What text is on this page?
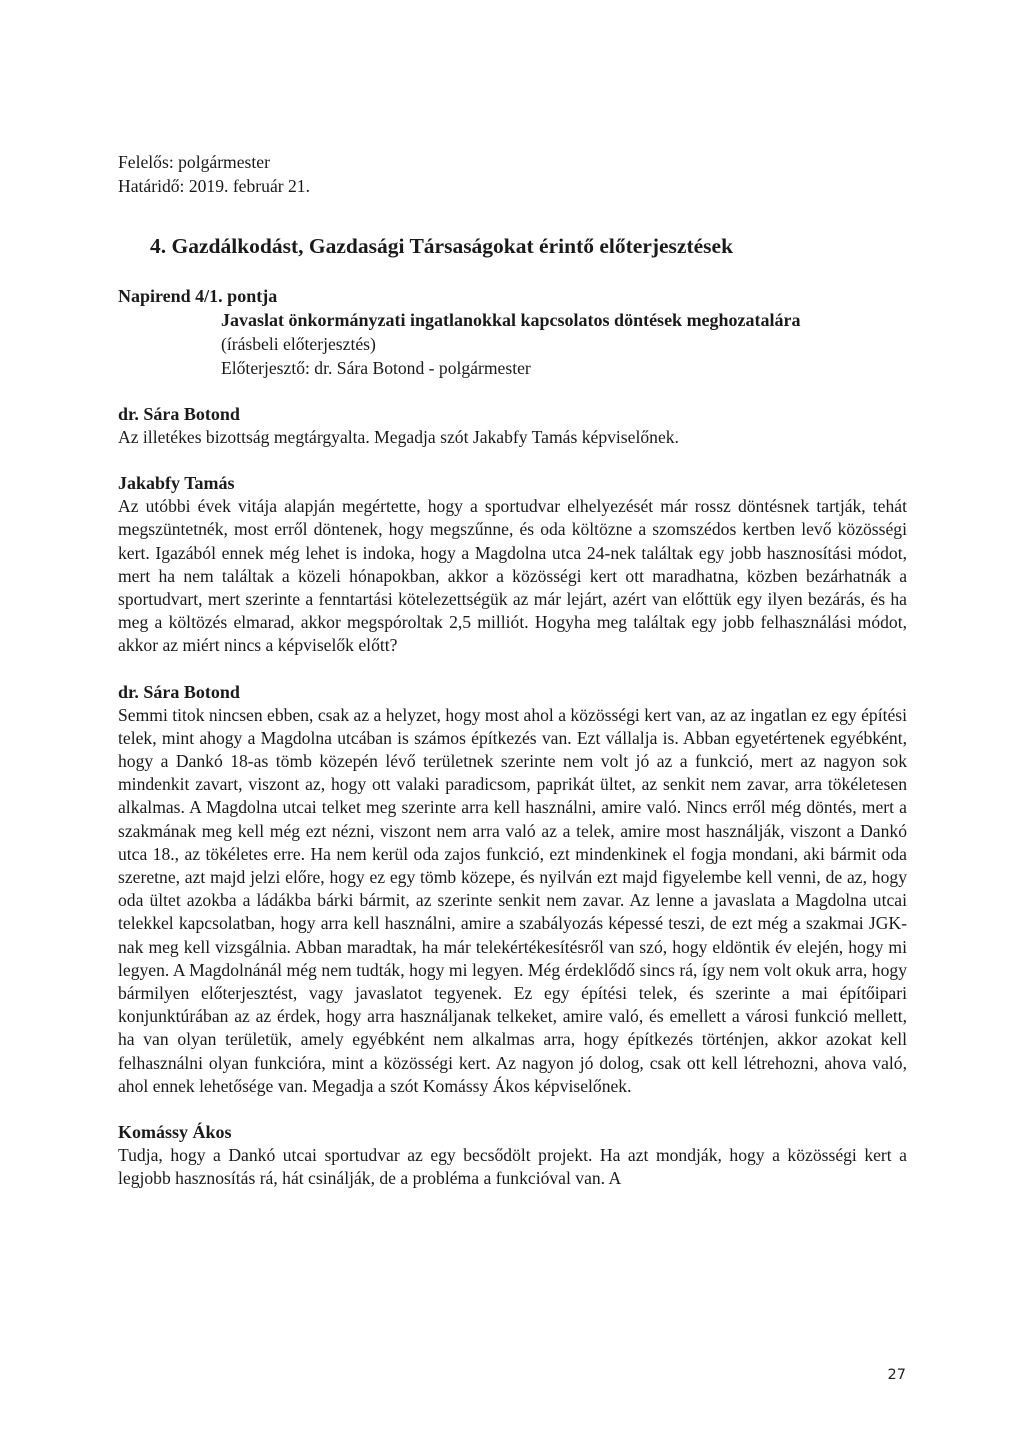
Felelős: polgármester

Határidő: 2019. február 21.

4. Gazdálkodást, Gazdasági Társaságokat érintő előterjesztések

Napirend 4/1. pontja

Javaslat önkormányzati ingatlanokkal kapcsolatos döntések meghozatalára

(írásbeli előterjesztés)

Előterjesztő: dr. Sára Botond - polgármester

dr. Sára Botond

Az illetékes bizottság megtárgyalta. Megadja szót Jakabfy Tamás képviselőnek.

Jakabfy Tamás

Az utóbbi évek vitája alapján megértette, hogy a sportudvar elhelyezését már rossz döntésnek tartják, tehát megszüntetnék, most erről döntenek, hogy megszűnne, és oda költözne a szomszédos kertben levő közösségi kert. Igazából ennek még lehet is indoka, hogy a Magdolna utca 24-nek találtak egy jobb hasznosítási módot, mert ha nem találtak a közeli hónapokban, akkor a közösségi kert ott maradhatna, közben bezárhatnák a sportudvart, mert szerinte a fenntartási kötelezettségük az már lejárt, azért van előttük egy ilyen bezárás, és ha meg a költözés elmarad, akkor megspóroltak 2,5 milliót. Hogyha meg találtak egy jobb felhasználási módot, akkor az miért nincs a képviselők előtt?

dr. Sára Botond

Semmi titok nincsen ebben, csak az a helyzet, hogy most ahol a közösségi kert van, az az ingatlan ez egy építési telek, mint ahogy a Magdolna utcában is számos építkezés van. Ezt vállalja is. Abban egyetértenek egyébként, hogy a Dankó 18-as tömb közepén lévő területnek szerinte nem volt jó az a funkció, mert az nagyon sok mindenkit zavart, viszont az, hogy ott valaki paradicsom, paprikát ültet, az senkit nem zavar, arra tökéletesen alkalmas. A Magdolna utcai telket meg szerinte arra kell használni, amire való. Nincs erről még döntés, mert a szakmának meg kell még ezt nézni, viszont nem arra való az a telek, amire most használják, viszont a Dankó utca 18., az tökéletes erre. Ha nem kerül oda zajos funkció, ezt mindenkinek el fogja mondani, aki bármit oda szeretne, azt majd jelzi előre, hogy ez egy tömb közepe, és nyilván ezt majd figyelembe kell venni, de az, hogy oda ültet azokba a ládákba bárki bármit, az szerinte senkit nem zavar. Az lenne a javaslata a Magdolna utcai telekkel kapcsolatban, hogy arra kell használni, amire a szabályozás képessé teszi, de ezt még a szakmai JGK-nak meg kell vizsgálnia. Abban maradtak, ha már telekértékesítésről van szó, hogy eldöntik év elején, hogy mi legyen. A Magdolnánál még nem tudták, hogy mi legyen. Még érdeklődő sincs rá, így nem volt okuk arra, hogy bármilyen előterjesztést, vagy javaslatot tegyenek. Ez egy építési telek, és szerinte a mai építőipari konjunktúrában az az érdek, hogy arra használjanak telkeket, amire való, és emellett a városi funkció mellett, ha van olyan területük, amely egyébként nem alkalmas arra, hogy építkezés történjen, akkor azokat kell felhasználni olyan funkcióra, mint a közösségi kert. Az nagyon jó dolog, csak ott kell létrehozni, ahova való, ahol ennek lehetősége van. Megadja a szót Komássy Ákos képviselőnek.

Komássy Ákos

Tudja, hogy a Dankó utcai sportudvar az egy becsődölt projekt. Ha azt mondják, hogy a közösségi kert a legjobb hasznosítás rá, hát csinálják, de a probléma a funkcióval van. A

27
